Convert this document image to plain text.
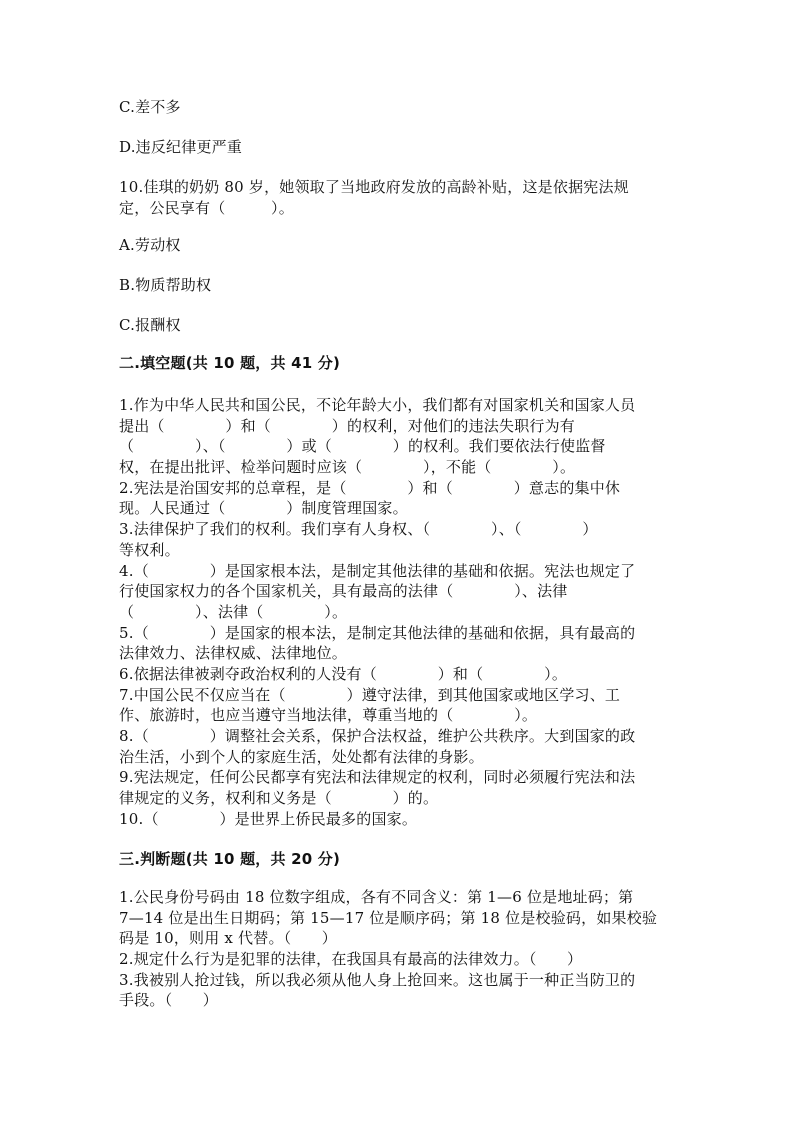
C.差不多
D.违反纪律更严重
10.佳琪的奶奶 80 岁，她领取了当地政府发放的高龄补贴，这是依据宪法规
定，公民享有（　　　）。
A.劳动权
B.物质帮助权
C.报酬权
二.填空题(共 10 题，共 41 分)
1.作为中华人民共和国公民，不论年龄大小，我们都有对国家机关和国家人员
提出（　　　　）和（　　　　）的权利，对他们的违法失职行为有
（　　　　）、（　　　　）或（　　　　）的权利。我们要依法行使监督
权，在提出批评、检举问题时应该（　　　　），不能（　　　　）。
2.宪法是治国安邦的总章程，是（　　　　）和（　　　　）意志的集中休
现。人民通过（　　　　）制度管理国家。
3.法律保护了我们的权利。我们享有人身权、（　　　　）、（　　　　）
等权利。
4.（　　　　）是国家根本法，是制定其他法律的基础和依据。宪法也规定了
行使国家权力的各个国家机关，具有最高的法律（　　　　）、法律
（　　　　）、法律（　　　　）。
5.（　　　　）是国家的根本法，是制定其他法律的基础和依据，具有最高的
法律效力、法律权威、法律地位。
6.依据法律被剥夺政治权利的人没有（　　　　）和（　　　　）。
7.中国公民不仅应当在（　　　　）遵守法律，到其他国家或地区学习、工
作、旅游时，也应当遵守当地法律，尊重当地的（　　　　）。
8.（　　　　）调整社会关系，保护合法权益，维护公共秩序。大到国家的政
治生活，小到个人的家庭生活，处处都有法律的身影。
9.宪法规定，任何公民都享有宪法和法律规定的权利，同时必须履行宪法和法
律规定的义务，权利和义务是（　　　　）的。
10.（　　　　）是世界上侨民最多的国家。
三.判断题(共 10 题，共 20 分)
1.公民身份号码由 18 位数字组成，各有不同含义：第 1—6 位是地址码；第
7—14 位是出生日期码；第 15—17 位是顺序码；第 18 位是校验码，如果校验
码是 10，则用 x 代替。（　　）
2.规定什么行为是犯罪的法律，在我国具有最高的法律效力。（　　）
3.我被别人抢过钱，所以我必须从他人身上抢回来。这也属于一种正当防卫的
手段。（　　）
